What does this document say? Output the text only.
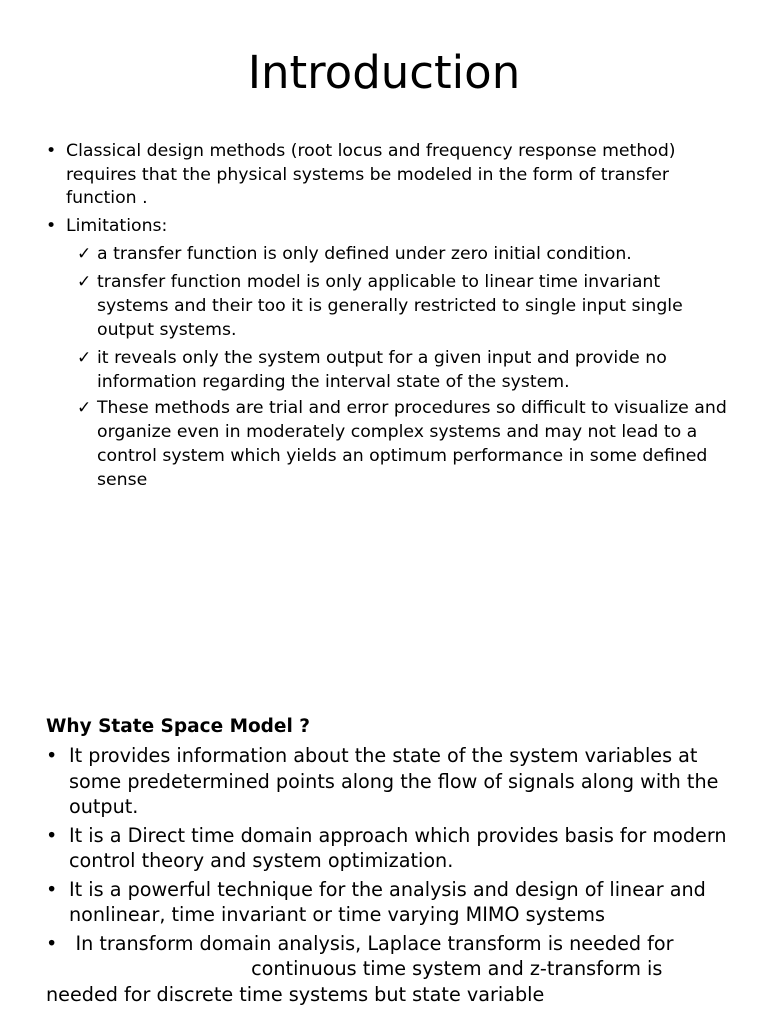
Introduction
• Classical design methods (root locus and frequency response method) requires that the physical systems be modeled in the form of transfer function .
• Limitations:
✓ a transfer function is only defined under zero initial condition.
✓ transfer function model is only applicable to linear time invariant systems and their too it is generally restricted to single input single output systems.
✓ it reveals only the system output for a given input and provide no information regarding the interval state of the system.
✓ These methods are trial and error procedures so difficult to visualize and organize even in moderately complex systems and may not lead to a control system which yields an optimum performance in some defined sense
Why State Space Model ?
• It provides information about the state of the system variables at some predetermined points along the flow of signals along with the output.
• It is a Direct time domain approach which provides basis for modern control theory and system optimization.
• It is a powerful technique for the analysis and design of linear and nonlinear, time invariant or time varying MIMO systems
• In transform domain analysis, Laplace transform is needed for continuous time system and z-transform is needed for discrete time systems but state variable
